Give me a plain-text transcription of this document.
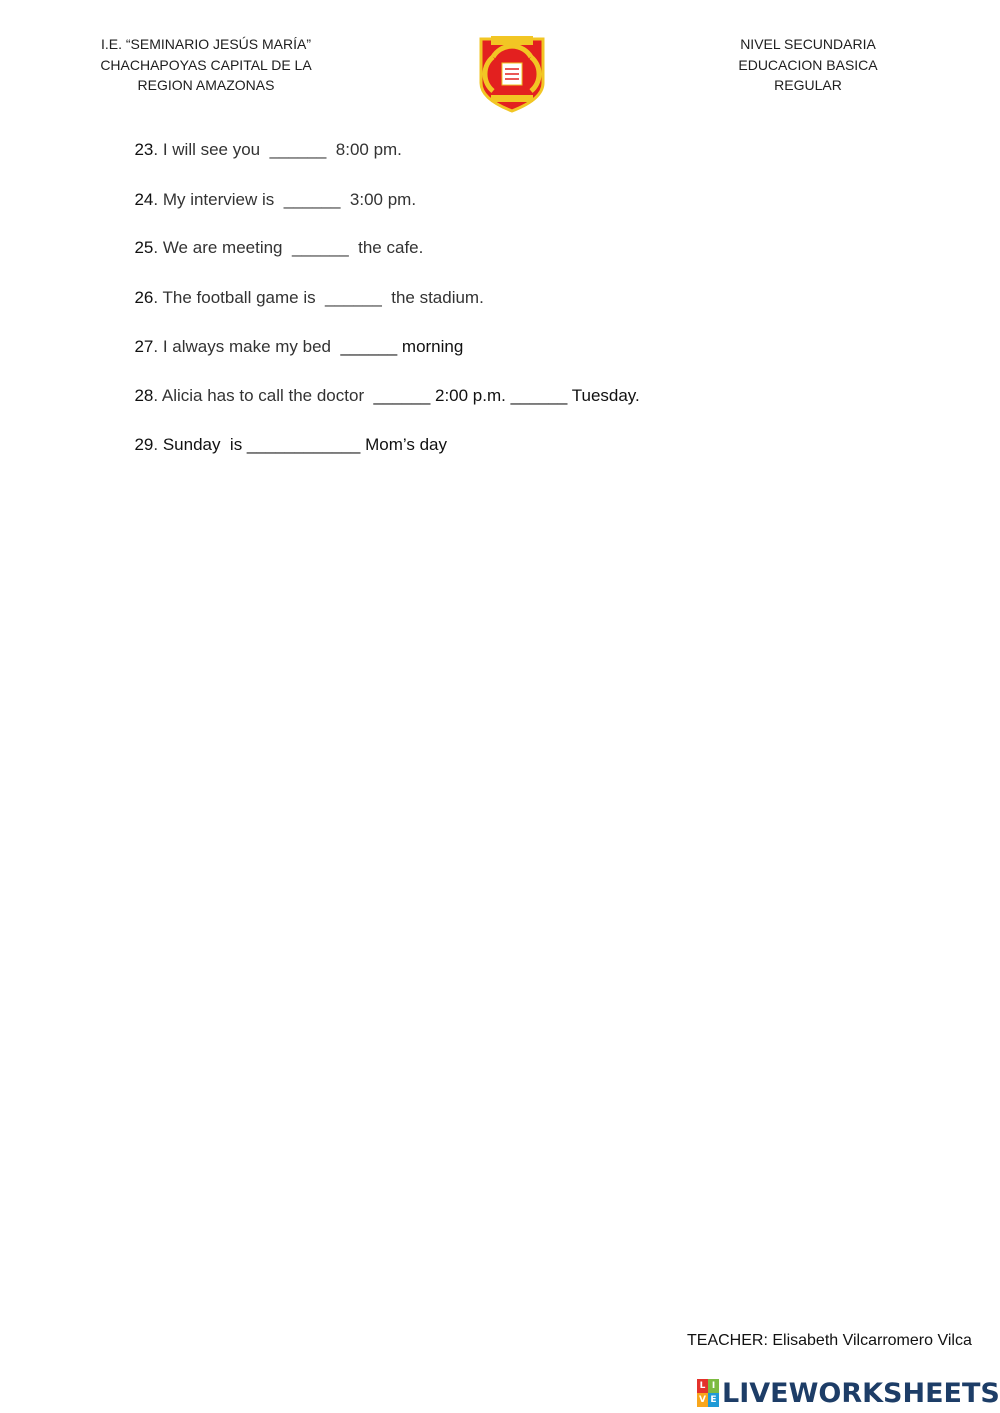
I.E. “SEMINARIO JESÚS MARÍA”
CHACHAPOYAS CAPITAL DE LA
REGION AMAZONAS
NIVEL SECUNDARIA
EDUCACION BASICA
REGULAR

23. I will see you  ______  8:00 pm.

24. My interview is  ______  3:00 pm.

25. We are meeting  ______  the cafe.

26. The football game is  ______  the stadium.

27. I always make my bed  ______ morning

28. Alicia has to call the doctor  ______ 2:00 p.m. ______ Tuesday.

29. Sunday  is ____________ Mom’s day

TEACHER: Elisabeth Vilcarromero Vilca
L I
V E LIVEWORKSHEETS
